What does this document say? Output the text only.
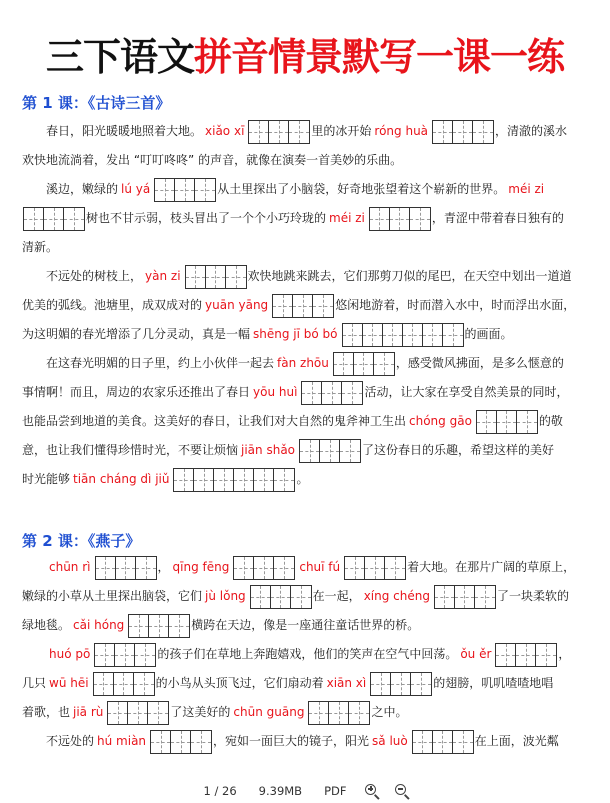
三下语文拼音情景默写一课一练
第 1 课：《古诗三首》
春日，阳光暖暖地照着大地。 xiǎo xī	里的冰开始 róng huà	，清澈的溪水
欢快地流淌着，发出 “叮叮咚咚” 的声音，就像在演奏一首美妙的乐曲。
溪边，嫩绿的 lú yá	从土里探出了小脑袋，好奇地张望着这个崭新的世界。 méi zi
树也不甘示弱，枝头冒出了一个个小巧玲珑的 méi zi	，青涩中带着春日独有的
清新。
不远处的树枝上， yàn zi	欢快地跳来跳去，它们那剪刀似的尾巴，在天空中划出一道道
优美的弧线。池塘里，成双成对的 yuān yāng	悠闲地游着，时而潜入水中，时而浮出水面，
为这明媚的春光增添了几分灵动，真是一幅 shēng jī bó bó	的画面。
在这春光明媚的日子里，约上小伙伴一起去 fàn zhōu	，感受微风拂面，是多么惬意的
事情啊！而且，周边的农家乐还推出了春日 yōu huì	活动，让大家在享受自然美景的同时，
也能品尝到地道的美食。这美好的春日，让我们对大自然的鬼斧神工生出 chóng gāo	的敬
意，也让我们懂得珍惜时光，不要让烦恼 jiān shǎo	了这份春日的乐趣，希望这样的美好
时光能够 tiān cháng dì jiǔ	。
第 2 课：《燕子》
chūn rì	， qīng fēng	chuī fú	着大地。在那片广阔的草原上，
嫩绿的小草从土里探出脑袋，它们 jù lǒng	在一起， xíng chéng	了一块柔软的
绿地毯。 cǎi hóng	横跨在天边，像是一座通往童话世界的桥。
huó pō	的孩子们在草地上奔跑嬉戏，他们的笑声在空气中回荡。 ǒu ěr	，
几只 wū hēi	的小鸟从头顶飞过，它们扇动着 xiān xì	的翅膀，叽叽喳喳地唱
着歌，也 jiā rù	了这美好的 chūn guāng	之中。
不远处的 hú miàn	，宛如一面巨大的镜子，阳光 sǎ luò	在上面，波光粼
1 / 26	9.39MB	PDF
